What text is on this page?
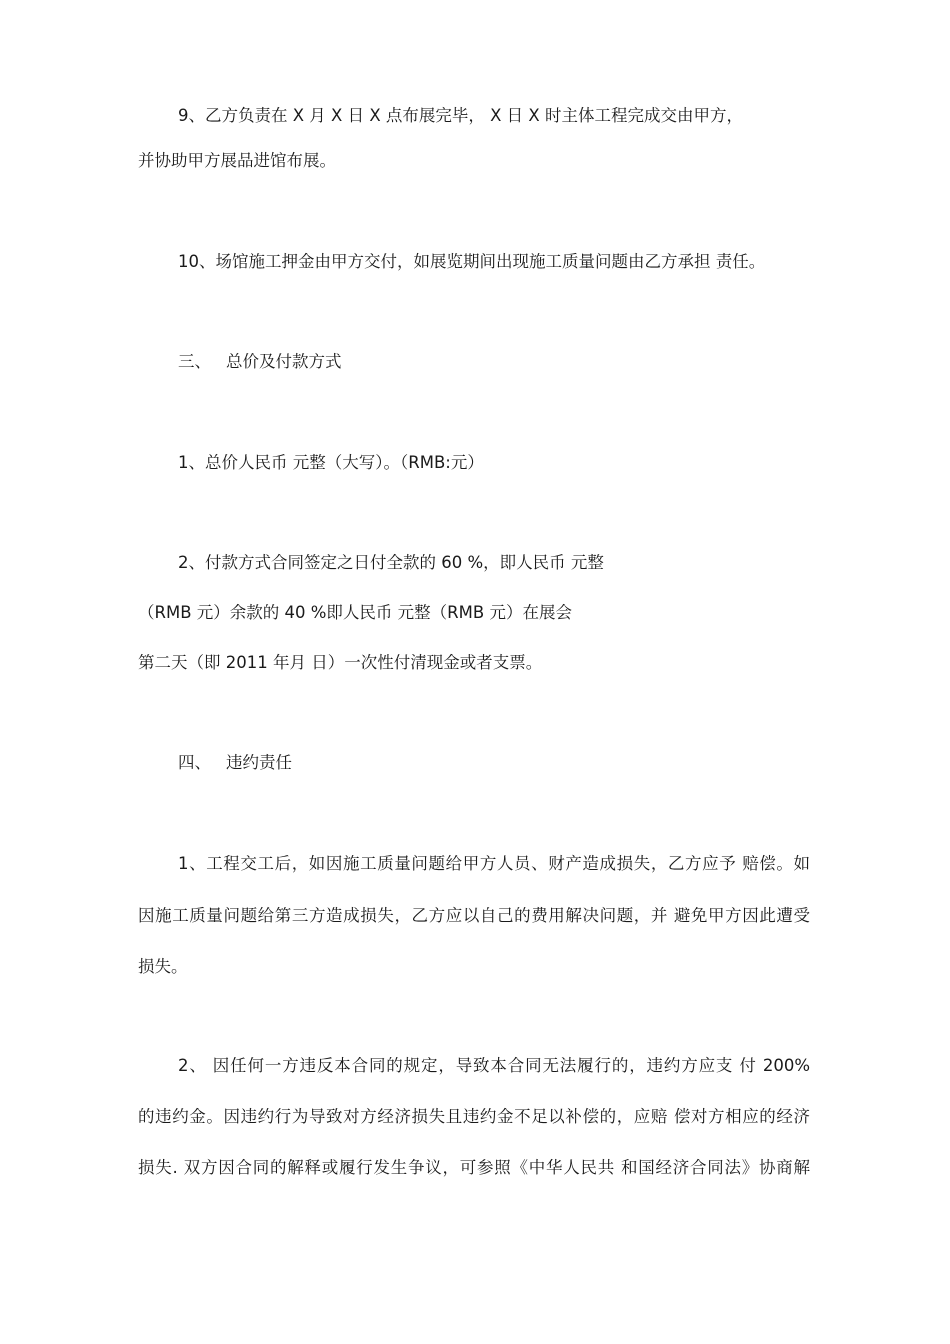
9、乙方负责在 X 月 X 日 X 点布展完毕， X 日 X 时主体工程完成交由甲方，
并协助甲方展品进馆布展。
10、场馆施工押金由甲方交付，如展览期间出现施工质量问题由乙方承担 责任。
三、 总价及付款方式
1、总价人民币 元整（大写）。（RMB:元）
2、付款方式合同签定之日付全款的 60 %，即人民币 元整
（RMB 元）余款的 40 %即人民币 元整（RMB 元）在展会
第二天（即 2011 年月 日）一次性付清现金或者支票。
四、 违约责任
1、工程交工后，如因施工质量问题给甲方人员、财产造成损失，乙方应予 赔偿。如
因施工质量问题给第三方造成损失，乙方应以自己的费用解决问题，并 避免甲方因此遭受
损失。
2、 因任何一方违反本合同的规定，导致本合同无法履行的，违约方应支 付 200%
的违约金。因违约行为导致对方经济损失且违约金不足以补偿的，应赔 偿对方相应的经济
损失. 双方因合同的解释或履行发生争议，可参照《中华人民共 和国经济合同法》协商解
